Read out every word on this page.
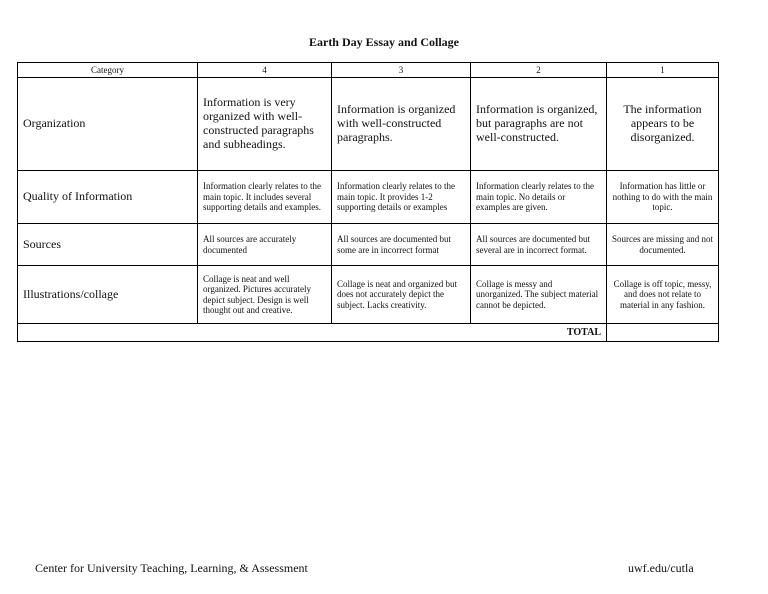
Earth Day Essay and Collage
Category	4	3	2	1
Organization	Information is very organized with well-constructed paragraphs and subheadings.	Information is organized with well-constructed paragraphs.	Information is organized, but paragraphs are not well-constructed.	The information appears to be disorganized.
Quality of Information	Information clearly relates to the main topic. It includes several supporting details and examples.	Information clearly relates to the main topic. It provides 1-2 supporting details or examples	Information clearly relates to the main topic. No details or examples are given.	Information has little or nothing to do with the main topic.
Sources	All sources are accurately documented	All sources are documented but some are in incorrect format	All sources are documented but several are in incorrect format.	Sources are missing and not documented.
Illustrations/collage	Collage is neat and well organized. Pictures accurately depict subject. Design is well thought out and creative.	Collage is neat and organized but does not accurately depict the subject. Lacks creativity.	Collage is messy and unorganized. The subject material cannot be depicted.	Collage is off topic, messy, and does not relate to material in any fashion.
TOTAL				
Center for University Teaching, Learning, & Assessment	uwf.edu/cutla
